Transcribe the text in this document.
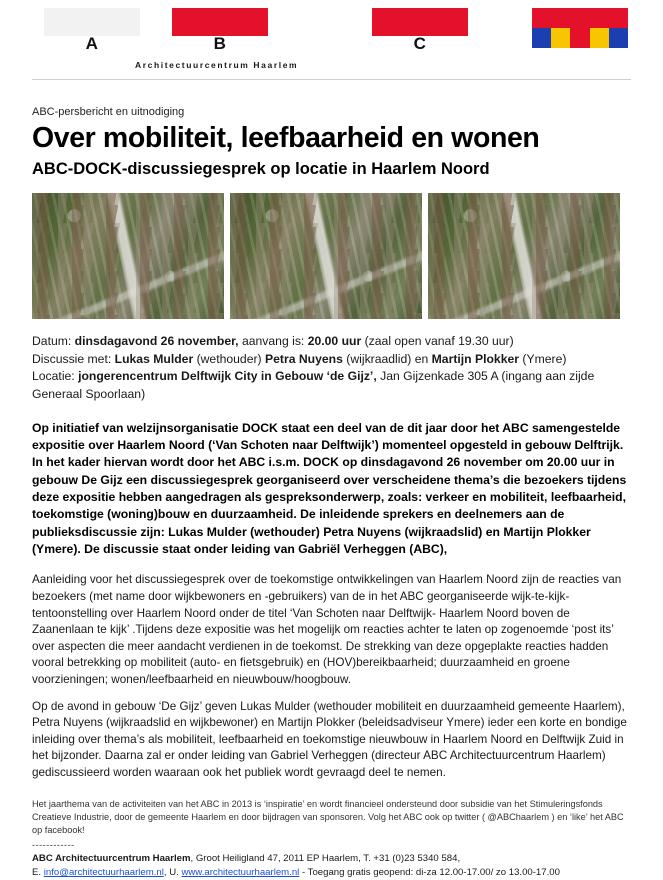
A	B	C
Architectuurcentrum Haarlem
ABC-persbericht en uitnodiging
Over mobiliteit, leefbaarheid en wonen
ABC-DOCK-discussiegesprek op locatie in Haarlem Noord
Datum: dinsdagavond 26 november, aanvang is: 20.00 uur (zaal open vanaf 19.30 uur)
Discussie met: Lukas Mulder (wethouder) Petra Nuyens (wijkraadlid) en Martijn Plokker (Ymere)
Locatie: jongerencentrum Delftwijk City in Gebouw ‘de Gijz’, Jan Gijzenkade 305 A (ingang aan zijde Generaal Spoorlaan)
Op initiatief van welzijnsorganisatie DOCK staat een deel van de dit jaar door het ABC samengestelde expositie over Haarlem Noord (‘Van Schoten naar Delftwijk’) momenteel opgesteld in gebouw Delftrijk. In het kader hiervan wordt door het ABC i.s.m. DOCK op dinsdagavond 26 november om 20.00 uur in gebouw De Gijz een discussiegesprek georganiseerd over verscheidene thema’s die bezoekers tijdens deze expositie hebben aangedragen als gespreksonderwerp, zoals: verkeer en mobiliteit, leefbaarheid, toekomstige (woning)bouw en duurzaamheid. De inleidende sprekers en deelnemers aan de publieksdiscussie zijn: Lukas Mulder (wethouder) Petra Nuyens (wijkraadslid) en Martijn Plokker (Ymere). De discussie staat onder leiding van Gabriël Verheggen (ABC),

Aanleiding voor het discussiegesprek over de toekomstige ontwikkelingen van Haarlem Noord zijn de reacties van bezoekers (met name door wijkbewoners en -gebruikers) van de in het ABC georganiseerde wijk-te-kijk-tentoonstelling over Haarlem Noord onder de titel ‘Van Schoten naar Delftwijk- Haarlem Noord boven de Zaanenlaan te kijk’ .Tijdens deze expositie was het mogelijk om reacties achter te laten op zogenoemde ‘post its’ over aspecten die meer aandacht verdienen in de toekomst. De strekking van deze opgeplakte reacties hadden vooral betrekking op mobiliteit (auto- en fietsgebruik) en (HOV)bereikbaarheid; duurzaamheid en groene voorzieningen; wonen/leefbaarheid en nieuwbouw/hoogbouw.

Op de avond in gebouw ‘De Gijz’ geven Lukas Mulder (wethouder mobiliteit en duurzaamheid gemeente Haarlem), Petra Nuyens (wijkraadslid en wijkbewoner) en Martijn Plokker (beleidsadviseur Ymere) ieder een korte en bondige inleiding over thema’s als mobiliteit, leefbaarheid en toekomstige nieuwbouw in Haarlem Noord en Delftwijk Zuid in het bijzonder. Daarna zal er onder leiding van Gabriel Verheggen (directeur ABC Architectuurcentrum Haarlem) gediscussieerd worden waaraan ook het publiek wordt gevraagd deel te nemen.

Het jaarthema van de activiteiten van het ABC in 2013 is ‘inspiratie’ en wordt financieel ondersteund door subsidie van het Stimuleringsfonds Creatieve Industrie, door de gemeente Haarlem en door bijdragen van sponsoren. Volg het ABC ook op twitter ( @ABChaarlem ) en ‘like’ het ABC op facebook!
------------
ABC Architectuurcentrum Haarlem, Groot Heiligland 47, 2011 EP Haarlem, T. +31 (0)23 5340 584,
E. info@architectuurhaarlem.nl, U. www.architectuurhaarlem.nl - Toegang gratis geopend: di-za 12.00-17.00/ zo 13.00-17.00
